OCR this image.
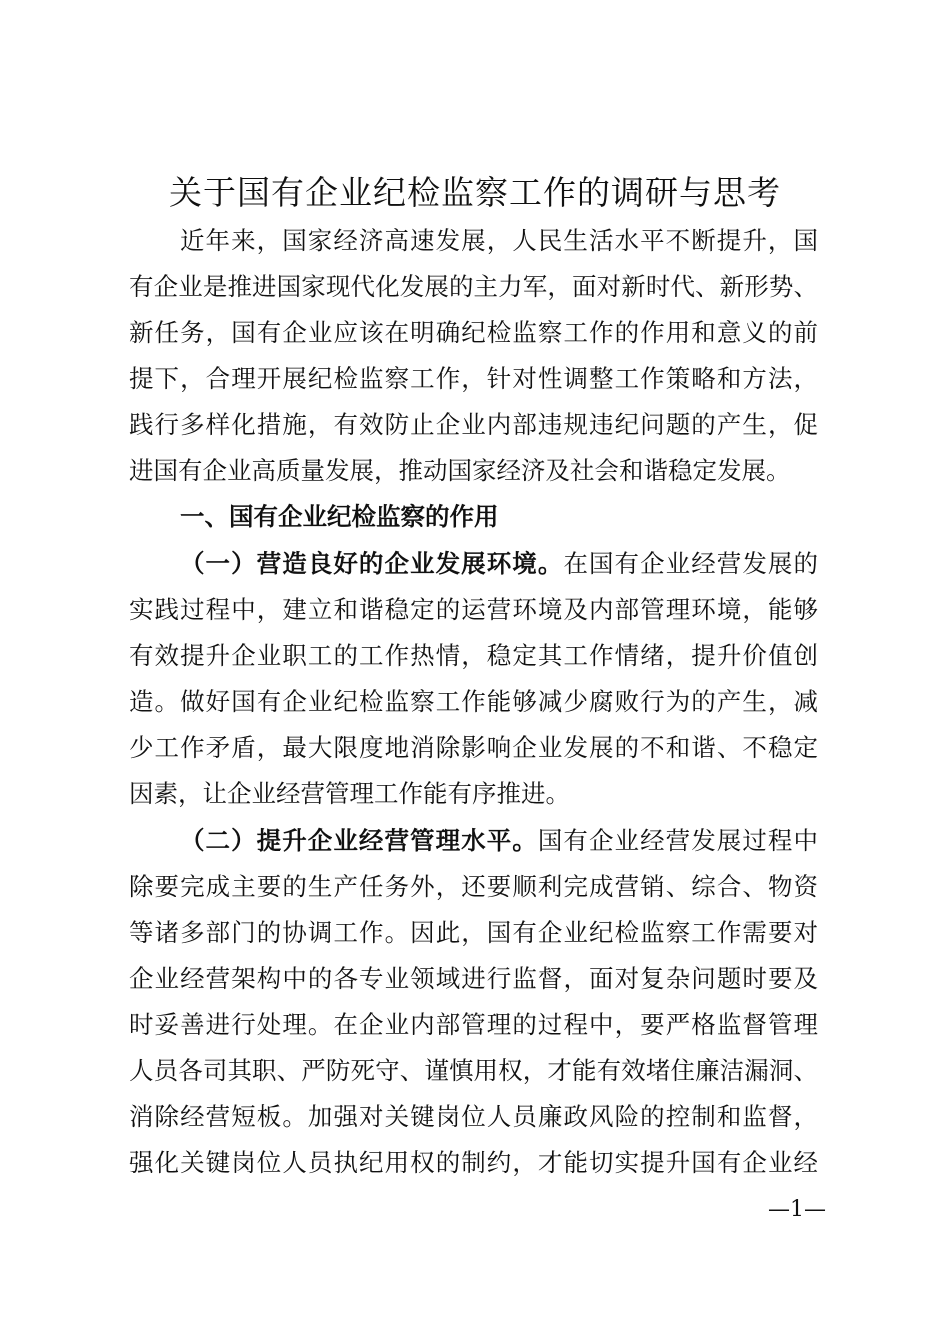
关于国有企业纪检监察工作的调研与思考
近年来，国家经济高速发展，人民生活水平不断提升，国
有企业是推进国家现代化发展的主力军，面对新时代、新形势、
新任务，国有企业应该在明确纪检监察工作的作用和意义的前
提下，合理开展纪检监察工作，针对性调整工作策略和方法，
践行多样化措施，有效防止企业内部违规违纪问题的产生，促
进国有企业高质量发展，推动国家经济及社会和谐稳定发展。
一、国有企业纪检监察的作用
（一）营造良好的企业发展环境。在国有企业经营发展的
实践过程中，建立和谐稳定的运营环境及内部管理环境，能够
有效提升企业职工的工作热情，稳定其工作情绪，提升价值创
造。做好国有企业纪检监察工作能够减少腐败行为的产生，减
少工作矛盾，最大限度地消除影响企业发展的不和谐、不稳定
因素，让企业经营管理工作能有序推进。
（二）提升企业经营管理水平。国有企业经营发展过程中
除要完成主要的生产任务外，还要顺利完成营销、综合、物资
等诸多部门的协调工作。因此，国有企业纪检监察工作需要对
企业经营架构中的各专业领域进行监督，面对复杂问题时要及
时妥善进行处理。在企业内部管理的过程中，要严格监督管理
人员各司其职、严防死守、谨慎用权，才能有效堵住廉洁漏洞、
消除经营短板。加强对关键岗位人员廉政风险的控制和监督，
强化关键岗位人员执纪用权的制约，才能切实提升国有企业经
—1—
